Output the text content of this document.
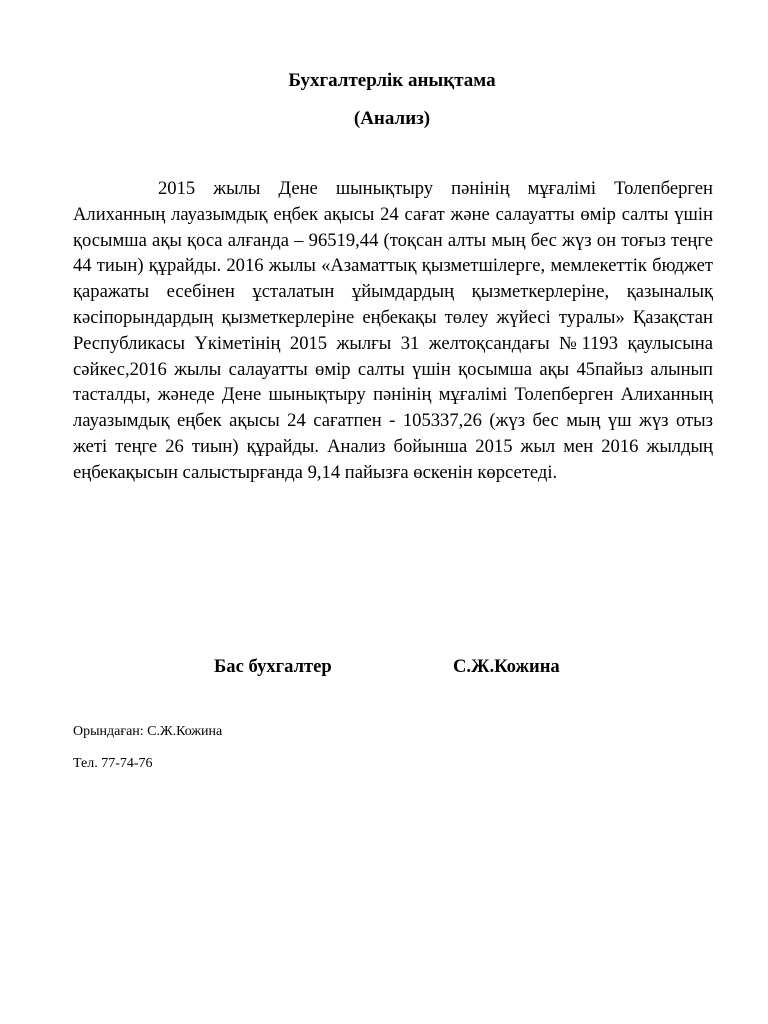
Бухгалтерлік анықтама
(Анализ)

2015 жылы Дене шынықтыру пәнінің мұғалімі Толепберген Алиханның лауазымдық еңбек ақысы 24 сағат және салауатты өмір салты үшін қосымша ақы қоса алғанда – 96519,44 (тоқсан алты мың бес жүз он тоғыз теңге 44 тиын) құрайды. 2016 жылы «Азаматтық қызметшілерге, мемлекеттік бюджет қаражаты есебінен ұсталатын ұйымдардың қызметкерлеріне, қазыналық кәсіпорындардың қызметкерлеріне еңбекақы төлеу жүйесі туралы» Қазақстан Республикасы Үкіметінің 2015 жылғы 31 желтоқсандағы №1193 қаулысына сәйкес,2016 жылы салауатты өмір салты үшін қосымша ақы 45пайыз алынып тасталды, жәнеде Дене шынықтыру пәнінің мұғалімі Толепберген Алиханның лауазымдық еңбек ақысы 24 сағатпен - 105337,26 (жүз бес мың үш жүз отыз жеті теңге 26 тиын) құрайды. Анализ бойынша 2015 жыл мен 2016 жылдың еңбекақысын салыстырғанда 9,14 пайызға өскенін көрсетеді.

Бас бухгалтер	С.Ж.Кожина

Орындаған: С.Ж.Кожина

Тел. 77-74-76
